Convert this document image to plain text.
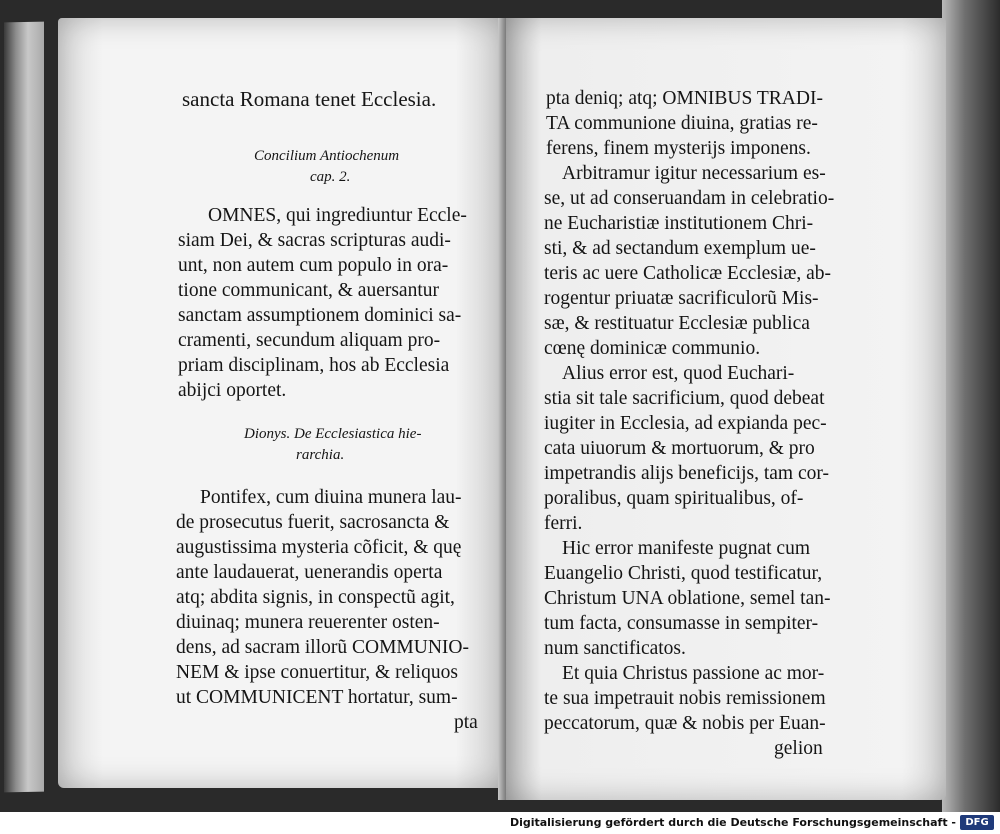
sancta Romana tenet Ecclesia.
Concilium Antiochenum
cap. 2.
OMNES, qui ingrediuntur Eccle-
siam Dei, & sacras scripturas audi-
unt, non autem cum populo in ora-
tione communicant, & auersantur
sanctam assumptionem dominici sa-
cramenti, secundum aliquam pro-
priam disciplinam, hos ab Ecclesia
abijci oportet.
Dionys. De Ecclesiastica hie-
rarchia.
Pontifex, cum diuina munera lau-
de prosecutus fuerit, sacrosancta &
augustissima mysteria cõficit, & quę
ante laudauerat, uenerandis operta
atq; abdita signis, in conspectũ agit,
diuinaq; munera reuerenter osten-
dens, ad sacram illorũ COMMUNIO-
NEM & ipse conuertitur, & reliquos
ut COMMUNICENT hortatur, sum-
pta
pta deniq; atq; OMNIBUS TRADI-
TA communione diuina, gratias re-
ferens, finem mysterijs imponens.
Arbitramur igitur necessarium es-
se, ut ad conseruandam in celebratio-
ne Eucharistiæ institutionem Chri-
sti, & ad sectandum exemplum ue-
teris ac uere Catholicæ Ecclesiæ, ab-
rogentur priuatæ sacrificulorũ Mis-
sæ, & restituatur Ecclesiæ publica
cœnę dominicæ communio.
Alius error est, quod Euchari-
stia sit tale sacrificium, quod debeat
iugiter in Ecclesia, ad expianda pec-
cata uiuorum & mortuorum, & pro
impetrandis alijs beneficijs, tam cor-
poralibus, quam spiritualibus, of-
ferri.
Hic error manifeste pugnat cum
Euangelio Christi, quod testificatur,
Christum UNA oblatione, semel tan-
tum facta, consumasse in sempiter-
num sanctificatos.
Et quia Christus passione ac mor-
te sua impetrauit nobis remissionem
peccatorum, quæ & nobis per Euan-
gelion
Digitalisierung gefördert durch die Deutsche Forschungsgemeinschaft - DFG
